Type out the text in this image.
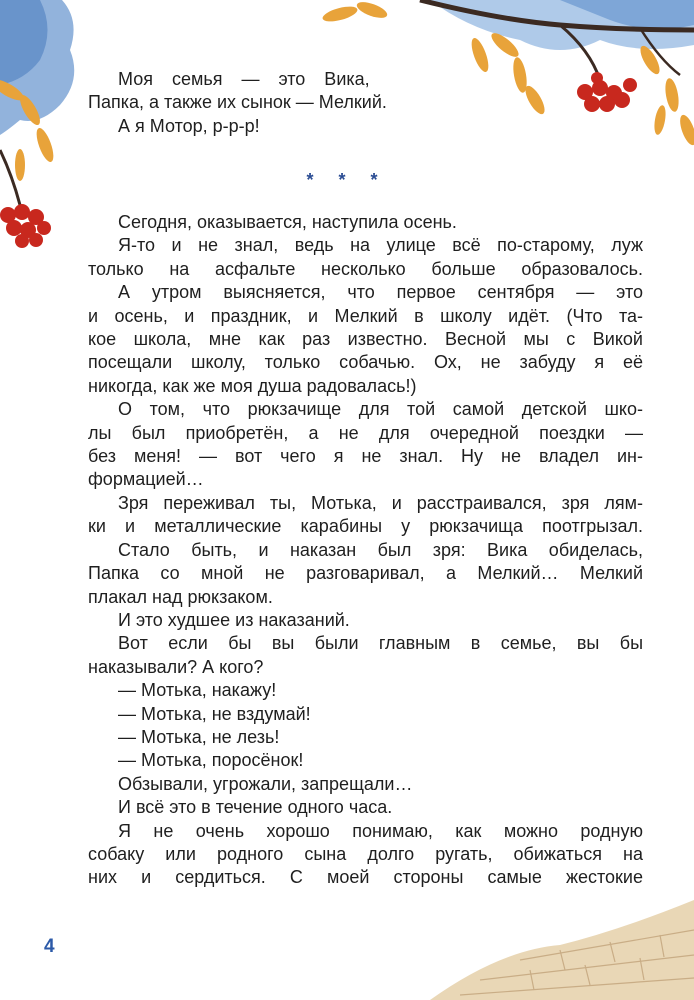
Моя семья — это Вика,
Папка, а также их сынок — Мелкий.
А я Мотор, р-р-р!
* * *
Сегодня, оказывается, наступила осень.
Я-то и не знал, ведь на улице всё по-старому, луж
только на асфальте несколько больше образовалось.
А утром выясняется, что первое сентября — это
и осень, и праздник, и Мелкий в школу идёт. (Что та-
кое школа, мне как раз известно. Весной мы с Викой
посещали школу, только собачью. Ох, не забуду я её
никогда, как же моя душа радовалась!)
О том, что рюкзачище для той самой детской шко-
лы был приобретён, а не для очередной поездки —
без меня! — вот чего я не знал. Ну не владел ин-
формацией…
Зря переживал ты, Мотька, и расстраивался, зря лям-
ки и металлические карабины у рюкзачища поотгрызал.
Стало быть, и наказан был зря: Вика обиделась,
Папка со мной не разговаривал, а Мелкий… Мелкий
плакал над рюкзаком.
И это худшее из наказаний.
Вот если бы вы были главным в семье, вы бы
наказывали? А кого?
— Мотька, накажу!
— Мотька, не вздумай!
— Мотька, не лезь!
— Мотька, поросёнок!
Обзывали, угрожали, запрещали…
И всё это в течение одного часа.
Я не очень хорошо понимаю, как можно родную
собаку или родного сына долго ругать, обижаться на
них и сердиться. С моей стороны самые жестокие
4
